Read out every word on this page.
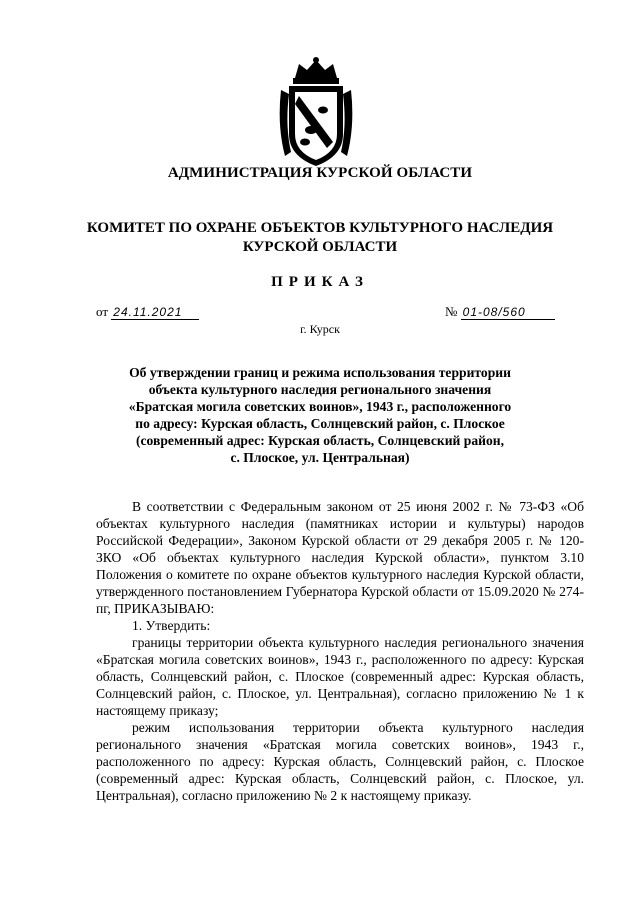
АДМИНИСТРАЦИЯ КУРСКОЙ ОБЛАСТИ
КОМИТЕТ ПО ОХРАНЕ ОБЪЕКТОВ КУЛЬТУРНОГО НАСЛЕДИЯ
КУРСКОЙ ОБЛАСТИ
ПРИКАЗ
от 24.11.2021	№ 01-08/560
г. Курск
Об утверждении границ и режима использования территории
объекта культурного наследия регионального значения
«Братская могила советских воинов», 1943 г., расположенного
по адресу: Курская область, Солнцевский район, с. Плоское
(современный адрес: Курская область, Солнцевский район,
с. Плоское, ул. Центральная)

В соответствии с Федеральным законом от 25 июня 2002 г. № 73-ФЗ «Об объектах культурного наследия (памятниках истории и культуры) народов Российской Федерации», Законом Курской области от 29 декабря 2005 г. № 120-ЗКО «Об объектах культурного наследия Курской области», пунктом 3.10 Положения о комитете по охране объектов культурного наследия Курской области, утвержденного постановлением Губернатора Курской области от 15.09.2020 № 274-пг, ПРИКАЗЫВАЮ:

1. Утвердить:

границы территории объекта культурного наследия регионального значения «Братская могила советских воинов», 1943 г., расположенного по адресу: Курская область, Солнцевский район, с. Плоское (современный адрес: Курская область, Солнцевский район, с. Плоское, ул. Центральная), согласно приложению № 1 к настоящему приказу;

режим использования территории объекта культурного наследия регионального значения «Братская могила советских воинов», 1943 г., расположенного по адресу: Курская область, Солнцевский район, с. Плоское (современный адрес: Курская область, Солнцевский район, с. Плоское, ул. Центральная), согласно приложению № 2 к настоящему приказу.
